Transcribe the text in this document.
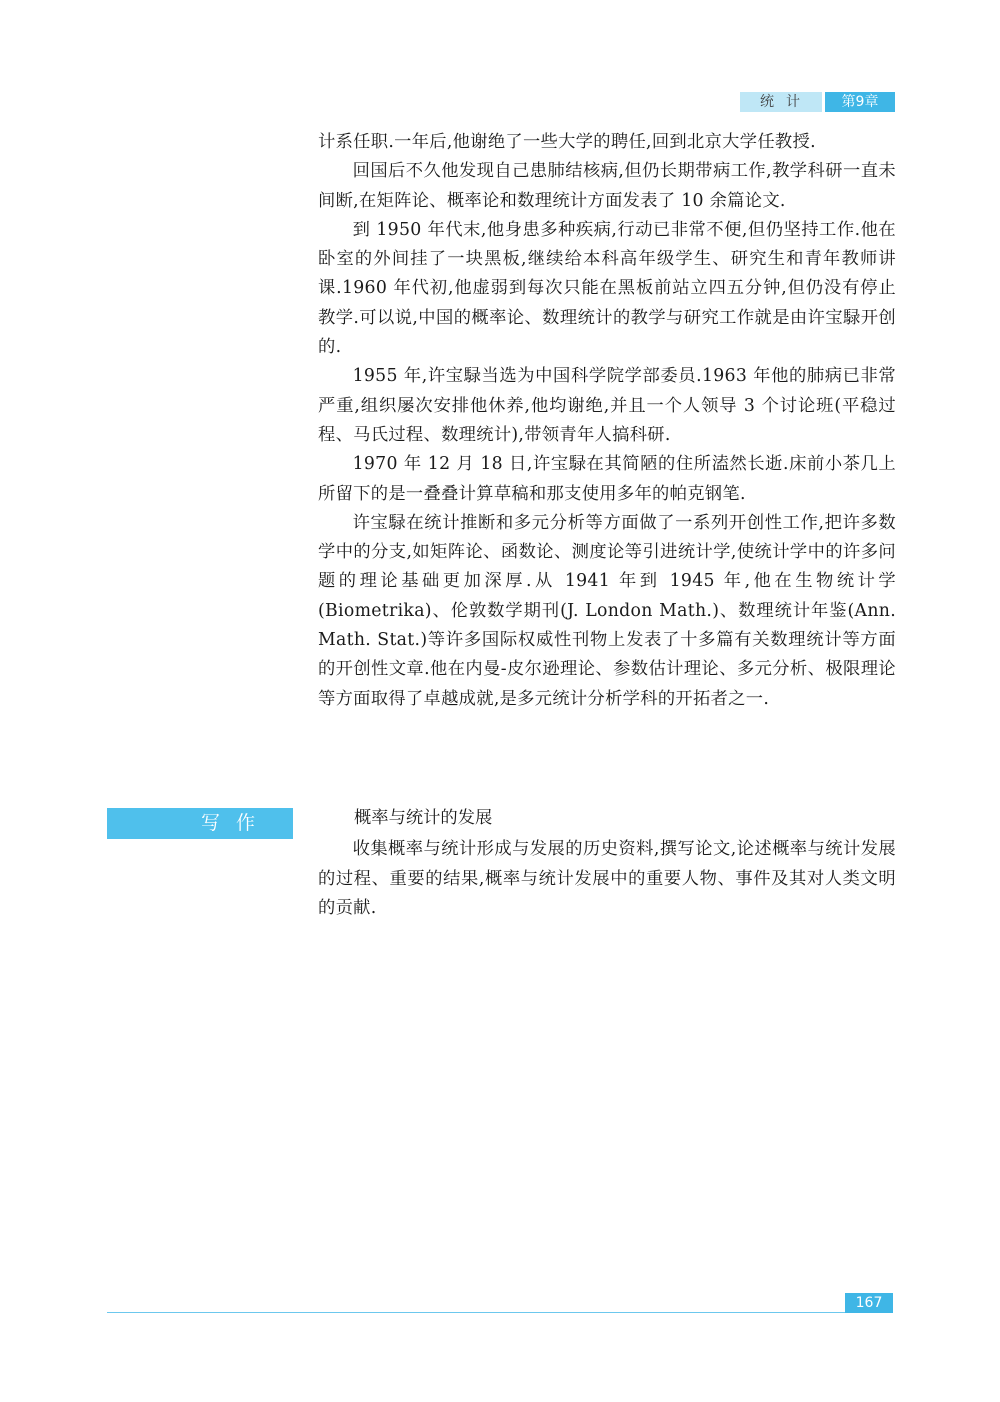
统计	第9章

计系任职.一年后,他谢绝了一些大学的聘任,回到北京大学任教授.

回国后不久他发现自己患肺结核病,但仍长期带病工作,教学科研一直未间断,在矩阵论、概率论和数理统计方面发表了 10 余篇论文.

到 1950 年代末,他身患多种疾病,行动已非常不便,但仍坚持工作.他在卧室的外间挂了一块黑板,继续给本科高年级学生、研究生和青年教师讲课.1960 年代初,他虚弱到每次只能在黑板前站立四五分钟,但仍没有停止教学.可以说,中国的概率论、数理统计的教学与研究工作就是由许宝騄开创的.

1955 年,许宝騄当选为中国科学院学部委员.1963 年他的肺病已非常严重,组织屡次安排他休养,他均谢绝,并且一个人领导 3 个讨论班(平稳过程、马氏过程、数理统计),带领青年人搞科研.

1970 年 12 月 18 日,许宝騄在其简陋的住所溘然长逝.床前小茶几上所留下的是一叠叠计算草稿和那支使用多年的帕克钢笔.

许宝騄在统计推断和多元分析等方面做了一系列开创性工作,把许多数学中的分支,如矩阵论、函数论、测度论等引进统计学,使统计学中的许多问题的理论基础更加深厚.从 1941 年到 1945 年,他在生物统计学(Biometrika)、伦敦数学期刊(J. London Math.)、数理统计年鉴(Ann. Math. Stat.)等许多国际权威性刊物上发表了十多篇有关数理统计等方面的开创性文章.他在内曼-皮尔逊理论、参数估计理论、多元分析、极限理论等方面取得了卓越成就,是多元统计分析学科的开拓者之一.

写作	概率与统计的发展

收集概率与统计形成与发展的历史资料,撰写论文,论述概率与统计发展的过程、重要的结果,概率与统计发展中的重要人物、事件及其对人类文明的贡献.

167
